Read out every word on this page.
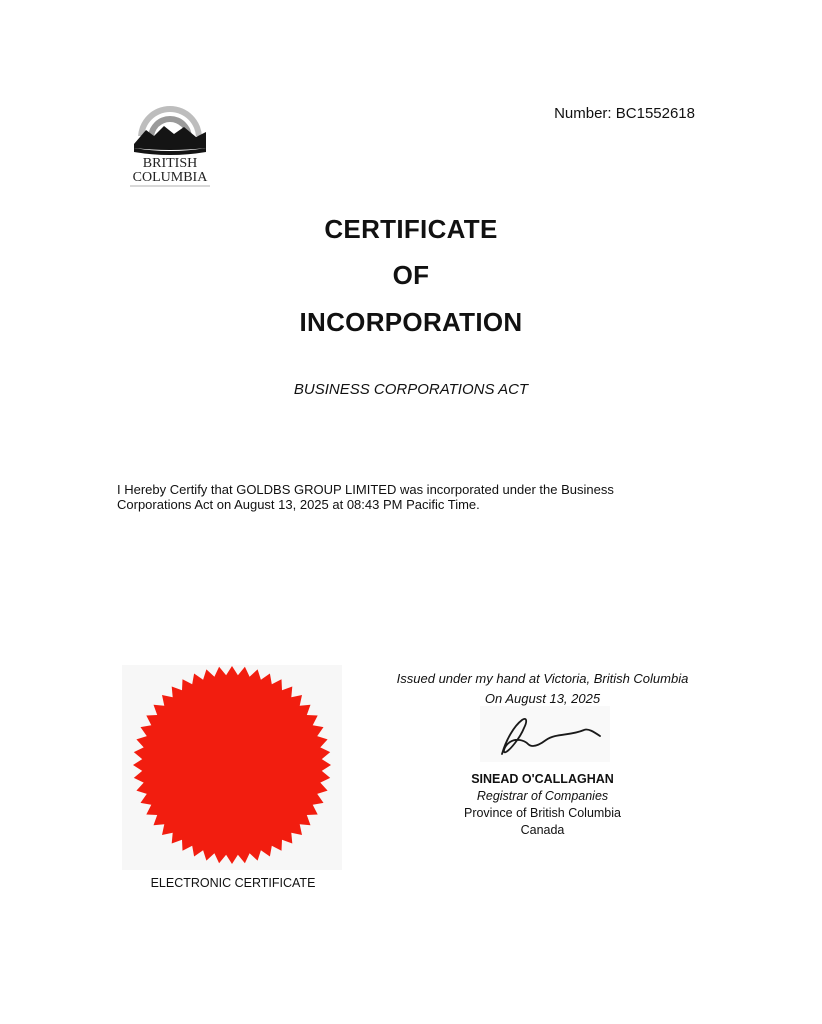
BRITISH
COLUMBIA
Number: BC1552618
CERTIFICATE
OF
INCORPORATION
BUSINESS CORPORATIONS ACT
I Hereby Certify that GOLDBS GROUP LIMITED was incorporated under the Business
Corporations Act on August 13, 2025 at 08:43 PM Pacific Time.
ELECTRONIC CERTIFICATE
Issued under my hand at Victoria, British Columbia
On August 13, 2025
SINEAD O'CALLAGHAN
Registrar of Companies
Province of British Columbia
Canada
